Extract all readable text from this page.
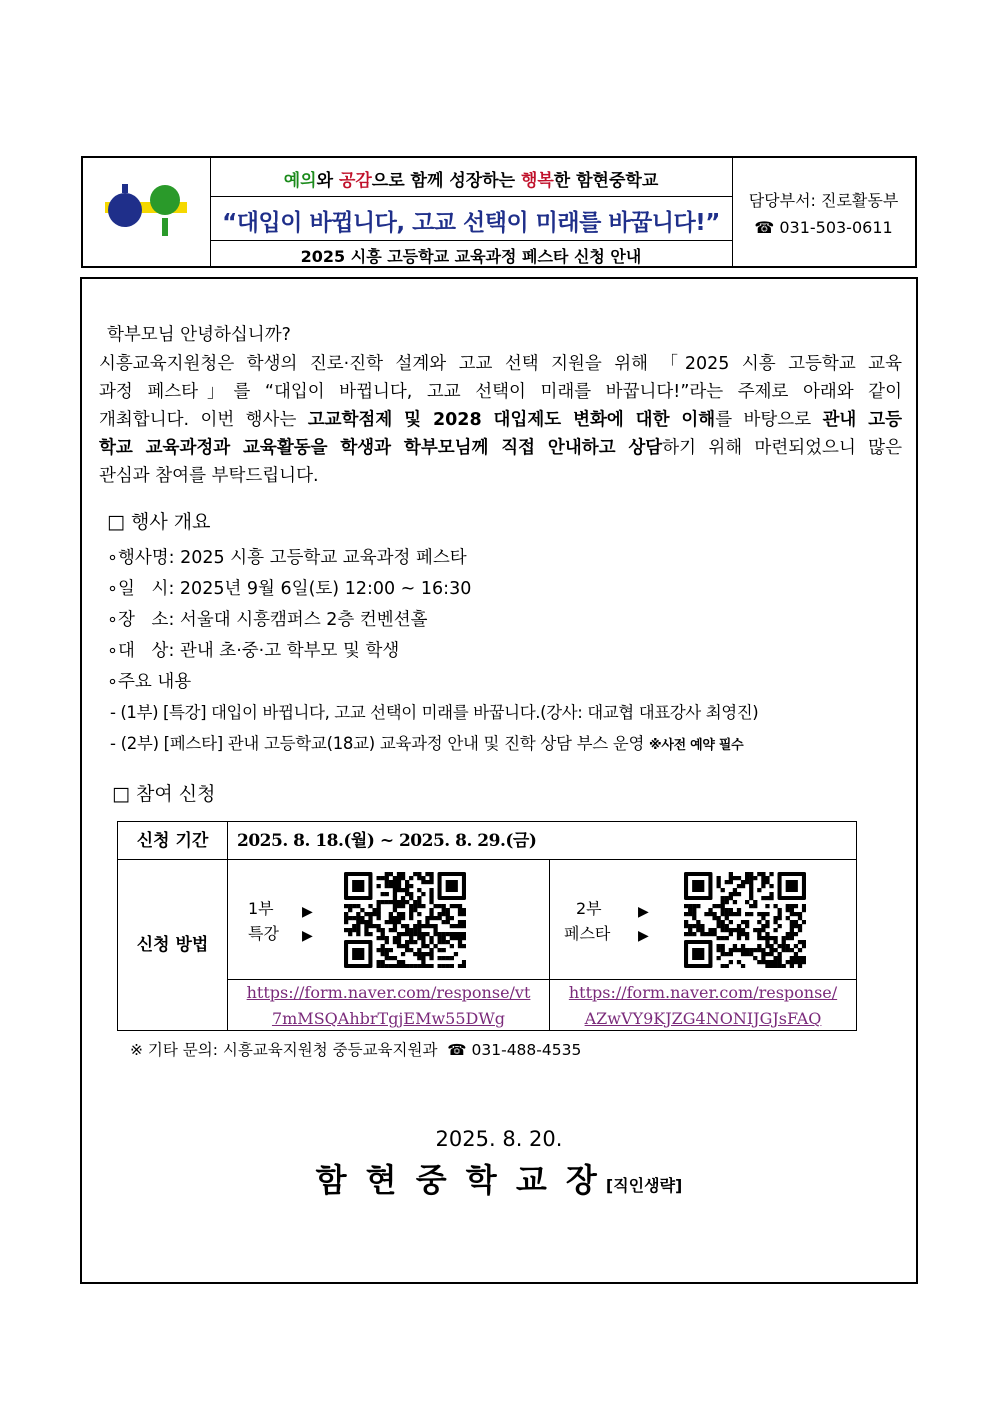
예의와 공감으로 함께 성장하는 행복한 함현중학교
“대입이 바뀝니다, 고교 선택이 미래를 바꿉니다!”
2025 시흥 고등학교 교육과정 페스타 신청 안내
담당부서: 진로활동부
☎ 031-503-0611
학부모님 안녕하십니까?
시흥교육지원청은 학생의 진로·진학 설계와 고교 선택 지원을 위해 「2025 시흥 고등학교 교육
과정 페스타」를 “대입이 바뀝니다, 고교 선택이 미래를 바꿉니다!”라는 주제로 아래와 같이
개최합니다. 이번 행사는 고교학점제 및 2028 대입제도 변화에 대한 이해를 바탕으로 관내 고등
학교 교육과정과 교육활동을 학생과 학부모님께 직접 안내하고 상담하기 위해 마련되었으니 많은
관심과 참여를 부탁드립니다.
□ 행사 개요
∘행사명: 2025 시흥 고등학교 교육과정 페스타
∘일   시: 2025년 9월 6일(토) 12:00 ~ 16:30
∘장   소: 서울대 시흥캠퍼스 2층 컨벤션홀
∘대   상: 관내 초·중·고 학부모 및 학생
∘주요 내용
- (1부) [특강] 대입이 바뀝니다, 고교 선택이 미래를 바꿉니다.(강사: 대교협 대표강사 최영진)
- (2부) [페스타] 관내 고등학교(18교) 교육과정 안내 및 진학 상담 부스 운영 ※사전 예약 필수
□ 참여 신청
신청 기간	2025. 8. 18.(월) ~ 2025. 8. 29.(금)
신청 방법
1부
특강
▶
▶
https://form.naver.com/response/vt
7mMSQAhbrTgjEMw55DWg
2부
페스타
▶
▶
https://form.naver.com/response/
AZwVY9KJZG4NONIJGJsFAQ
※ 기타 문의: 시흥교육지원청 중등교육지원과  ☎ 031-488-4535
2025. 8. 20.
함 현 중 학 교 장 [직인생략]
